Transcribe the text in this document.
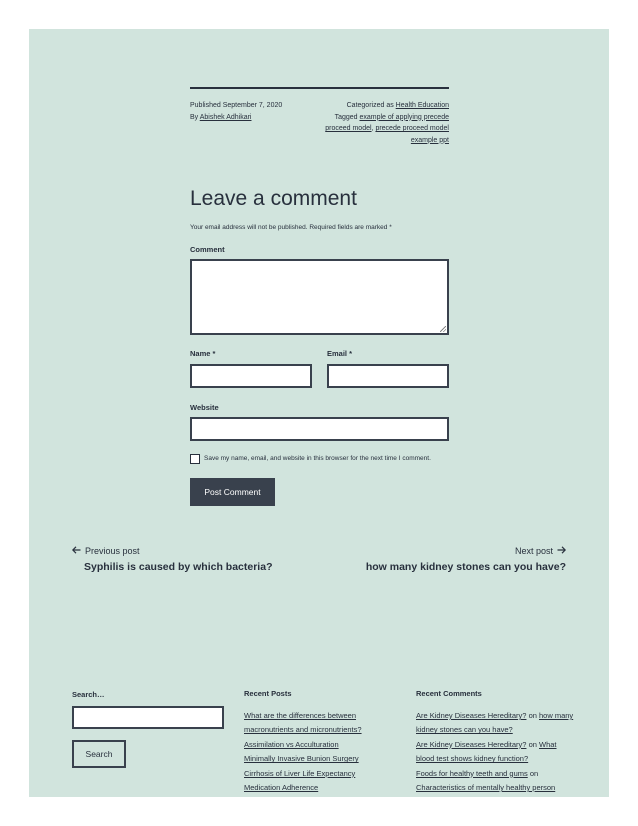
Published September 7, 2020
By Abishek Adhikari
Categorized as Health Education
Tagged example of applying precede proceed model, precede proceed model example ppt
Leave a comment
Your email address will not be published. Required fields are marked *
Comment
Name *	Email *
Website
Save my name, email, and website in this browser for the next time I comment.
Post Comment
Previous post
Syphilis is caused by which bacteria?
Next post
how many kidney stones can you have?
Search…
Search
Recent Posts
What are the differences between macronutrients and micronutrients?
Assimilation vs Acculturation
Minimally Invasive Bunion Surgery
Cirrhosis of Liver Life Expectancy
Medication Adherence
Recent Comments
Are Kidney Diseases Hereditary? on how many kidney stones can you have?
Are Kidney Diseases Hereditary? on What blood test shows kidney function?
Foods for healthy teeth and gums on Characteristics of mentally healthy person
